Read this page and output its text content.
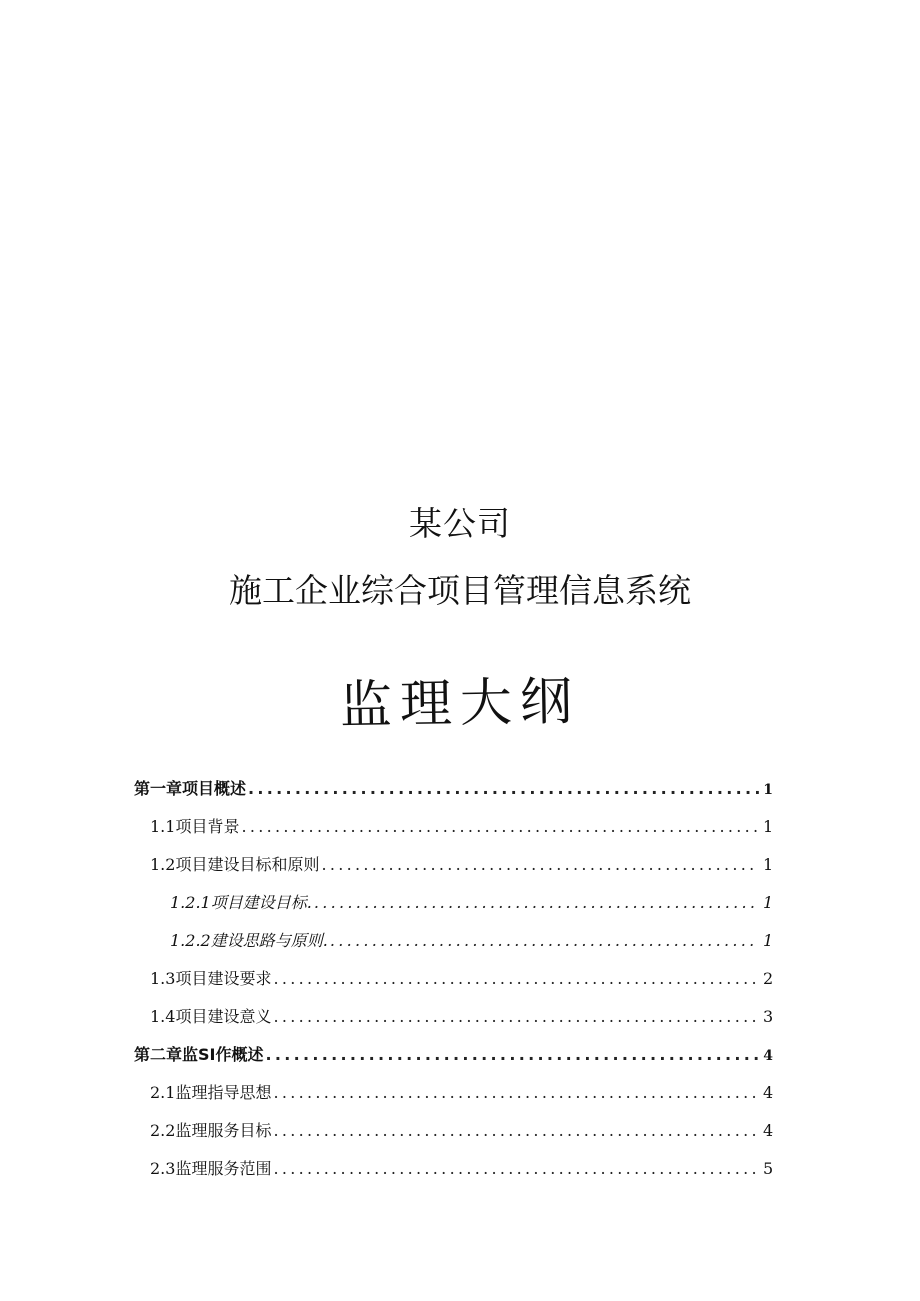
某公司
施工企业综合项目管理信息系统
监理大纲
第一章项目概述 .....	1
1.1 项目背景 .....	1
1.2 项目建设目标和原则 .....	1
1.2.1 项目建设目标. .....	1
1.2.2 建设思路与原则. .....	1
1.3 项目建设要求 .....	2
1.4 项目建设意义 .....	3
第二章监SI作概述 .....	4
2.1 监理指导思想 .....	4
2.2 监理服务目标 .....	4
2.3 监理服务范围 .....	5
